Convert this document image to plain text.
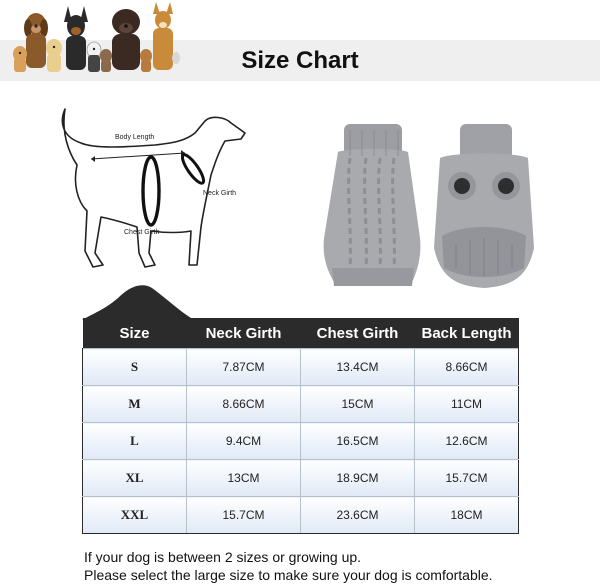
Size Chart
Body Length
Neck Girth
Chest Girth
Size	Neck Girth	Chest Girth	Back Length
S	7.87CM	13.4CM	8.66CM
M	8.66CM	15CM	11CM
L	9.4CM	16.5CM	12.6CM
XL	13CM	18.9CM	15.7CM
XXL	15.7CM	23.6CM	18CM
If your dog is between 2 sizes or growing up.
Please select the large size to make sure your dog is comfortable.
